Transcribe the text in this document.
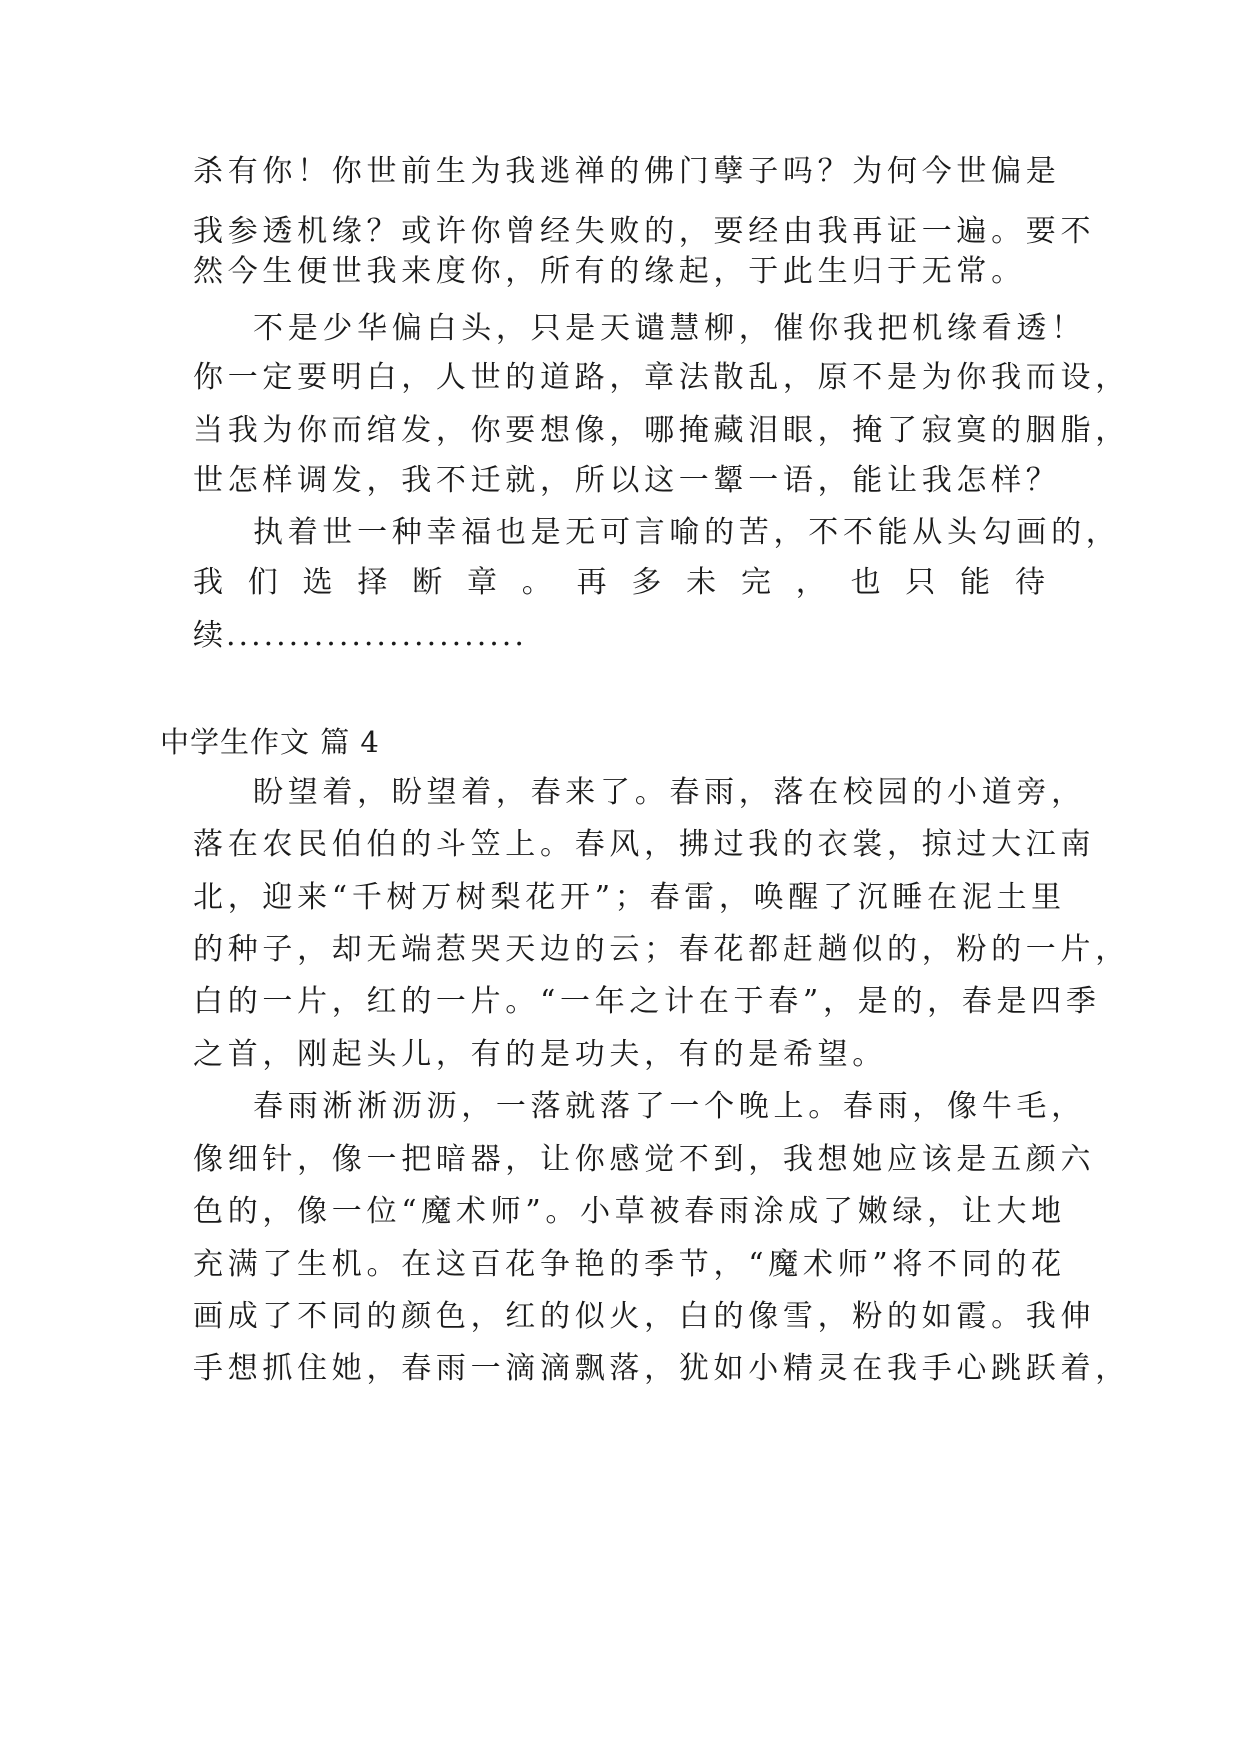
杀有你！你世前生为我逃禅的佛门孽子吗？为何今世偏是
我参透机缘？或许你曾经失败的，要经由我再证一遍。要不
然今生便世我来度你，所有的缘起，于此生归于无常。
不是少华偏白头，只是天谴慧柳，催你我把机缘看透！
你一定要明白，人世的道路，章法散乱，原不是为你我而设，
当我为你而绾发，你要想像，哪掩藏泪眼，掩了寂寞的胭脂，
世怎样调发，我不迁就，所以这一颦一语，能让我怎样？
执着世一种幸福也是无可言喻的苦，不不能从头勾画的，
我 们 选 择 断 章 。 再 多 未 完 ， 也 只 能 待
续........................
中学生作文 篇 4
盼望着，盼望着，春来了。春雨，落在校园的小道旁，
落在农民伯伯的斗笠上。春风，拂过我的衣裳，掠过大江南
北，迎来“千树万树梨花开”；春雷，唤醒了沉睡在泥土里
的种子，却无端惹哭天边的云；春花都赶趟似的，粉的一片，
白的一片，红的一片。“一年之计在于春”，是的，春是四季
之首，刚起头儿，有的是功夫，有的是希望。
春雨淅淅沥沥，一落就落了一个晚上。春雨，像牛毛，
像细针，像一把暗器，让你感觉不到，我想她应该是五颜六
色的，像一位“魔术师”。小草被春雨涂成了嫩绿，让大地
充满了生机。在这百花争艳的季节，“魔术师”将不同的花
画成了不同的颜色，红的似火，白的像雪，粉的如霞。我伸
手想抓住她，春雨一滴滴飘落，犹如小精灵在我手心跳跃着，
